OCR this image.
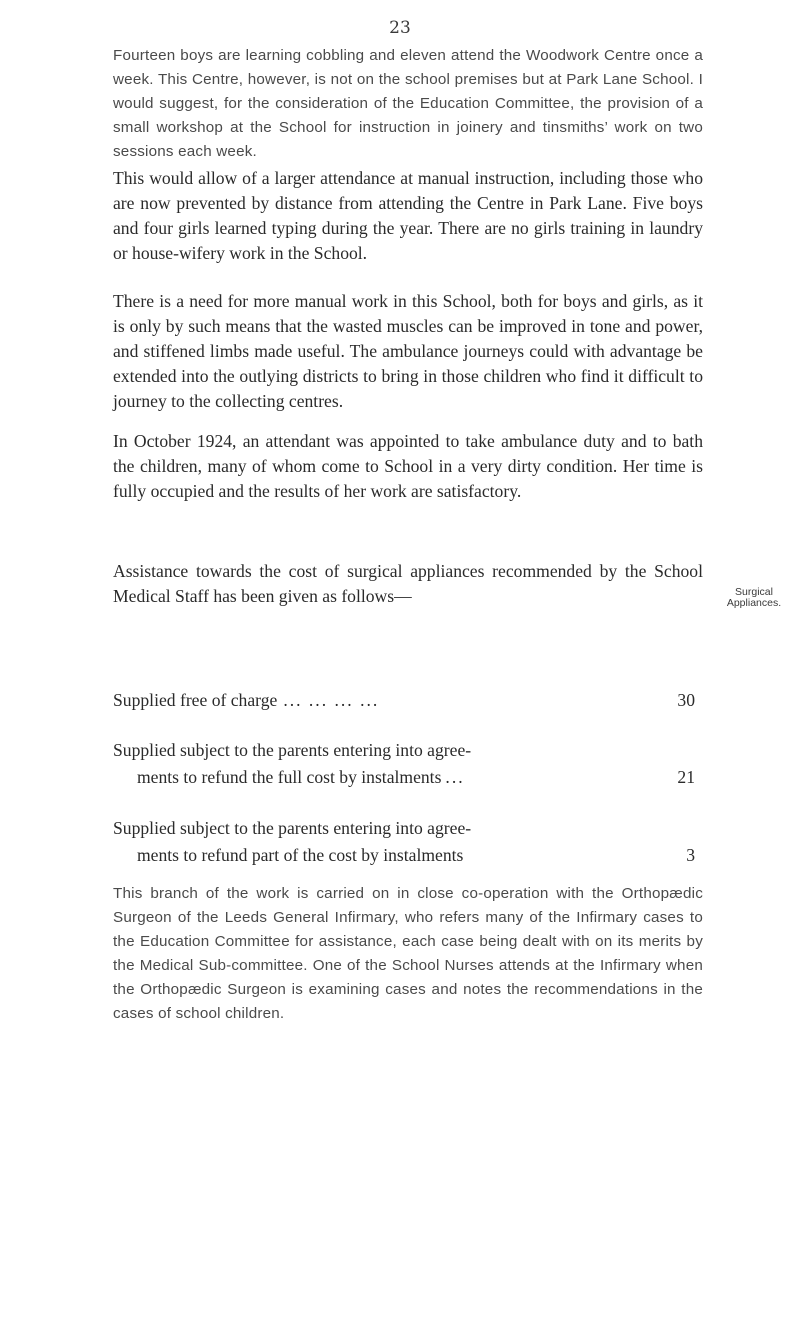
23

Fourteen boys are learning cobbling and eleven attend the Woodwork Centre once a week. This Centre, however, is not on the school premises but at Park Lane School. I would suggest, for the consideration of the Education Committee, the provision of a small workshop at the School for instruction in joinery and tinsmiths’ work on two sessions each week.

This would allow of a larger attendance at manual instruction, including those who are now prevented by distance from attending the Centre in Park Lane. Five boys and four girls learned typing during the year. There are no girls training in laundry or house-wifery work in the School.

There is a need for more manual work in this School, both for boys and girls, as it is only by such means that the wasted muscles can be improved in tone and power, and stiffened limbs made useful. The ambulance journeys could with advantage be extended into the outlying districts to bring in those children who find it difficult to journey to the collecting centres.

In October 1924, an attendant was appointed to take ambulance duty and to bath the children, many of whom come to School in a very dirty condition. Her time is fully occupied and the results of her work are satisfactory.

Assistance towards the cost of surgical appliances recommended by the School Medical Staff has been given as follows—	Surgical
Appliances.
Supplied free of charge ... ... ... ...	30
Supplied subject to the parents entering into agree-
ments to refund the full cost by instalments ...	21
Supplied subject to the parents entering into agree-
ments to refund part of the cost by instalments	3

This branch of the work is carried on in close co-operation with the Orthopædic Surgeon of the Leeds General Infirmary, who refers many of the Infirmary cases to the Education Committee for assistance, each case being dealt with on its merits by the Medical Sub-committee. One of the School Nurses attends at the Infirmary when the Orthopædic Surgeon is examining cases and notes the recommendations in the cases of school children.
